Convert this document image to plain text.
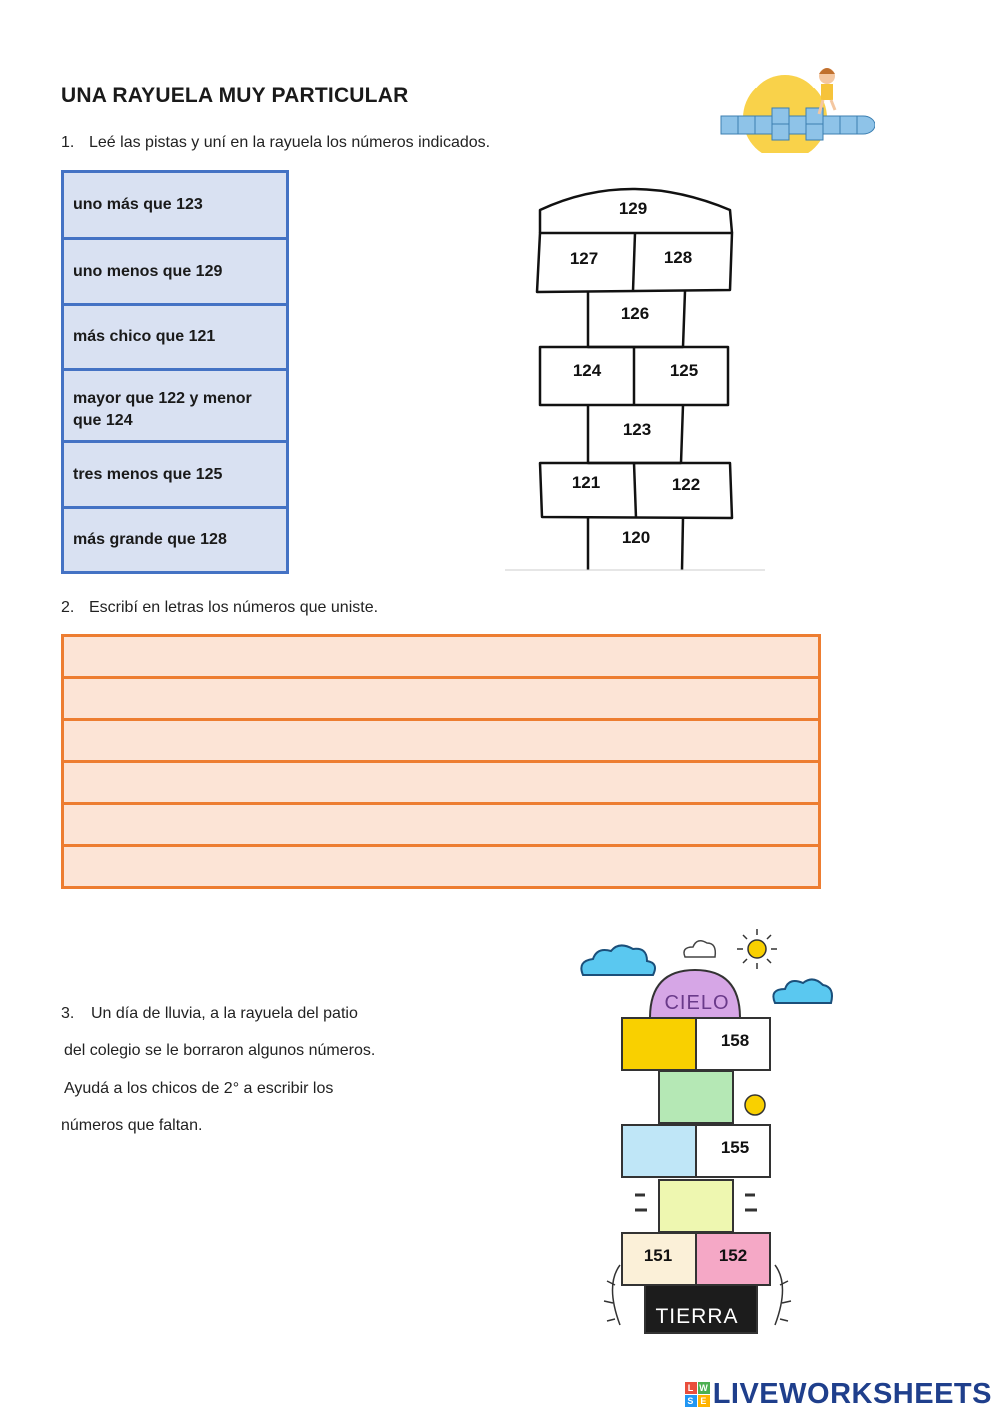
UNA RAYUELA MUY PARTICULAR
1. Leé las pistas y uní en la rayuela los números indicados.
uno más que 123
uno menos que 129
más chico que 121
mayor que 122 y menor que 124
tres menos que 125
más grande que 128
129
127	128
126
124	125
123
121	122
120
2. Escribí en letras los números que uniste.
3. Un día de lluvia, a la rayuela del patio
del colegio se le borraron algunos números.
Ayudá a los chicos de 2° a escribir los
números que faltan.
CIELO
158
155
151	152
TIERRA
L W
S E LIVEWORKSHEETS
